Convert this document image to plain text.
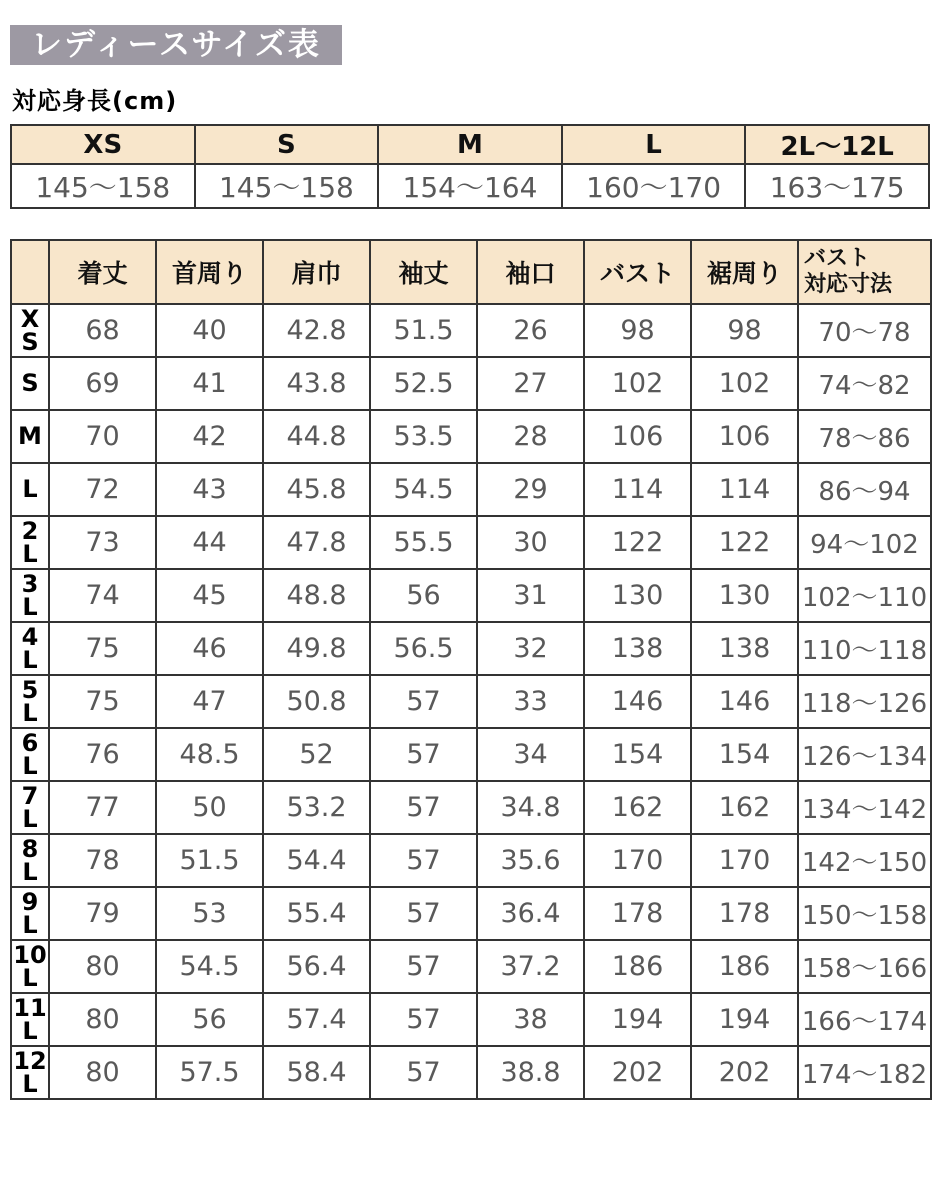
レディースサイズ表
対応身長(cm)
XS	S	M	L	2L〜12L
145〜158	145〜158	154〜164	160〜170	163〜175
	着丈	首周り	肩巾	袖丈	袖口	バスト	裾周り	バスト
対応寸法

X
S	68	40	42.8	51.5	26	98	98	70〜78

S	69	41	43.8	52.5	27	102	102	74〜82

M	70	42	44.8	53.5	28	106	106	78〜86

L	72	43	45.8	54.5	29	114	114	86〜94

2
L	73	44	47.8	55.5	30	122	122	94〜102

3
L	74	45	48.8	56	31	130	130	102〜110

4
L	75	46	49.8	56.5	32	138	138	110〜118

5
L	75	47	50.8	57	33	146	146	118〜126

6
L	76	48.5	52	57	34	154	154	126〜134

7
L	77	50	53.2	57	34.8	162	162	134〜142

8
L	78	51.5	54.4	57	35.6	170	170	142〜150

9
L	79	53	55.4	57	36.4	178	178	150〜158

10
L	80	54.5	56.4	57	37.2	186	186	158〜166

11
L	80	56	57.4	57	38	194	194	166〜174

12
L	80	57.5	58.4	57	38.8	202	202	174〜182
